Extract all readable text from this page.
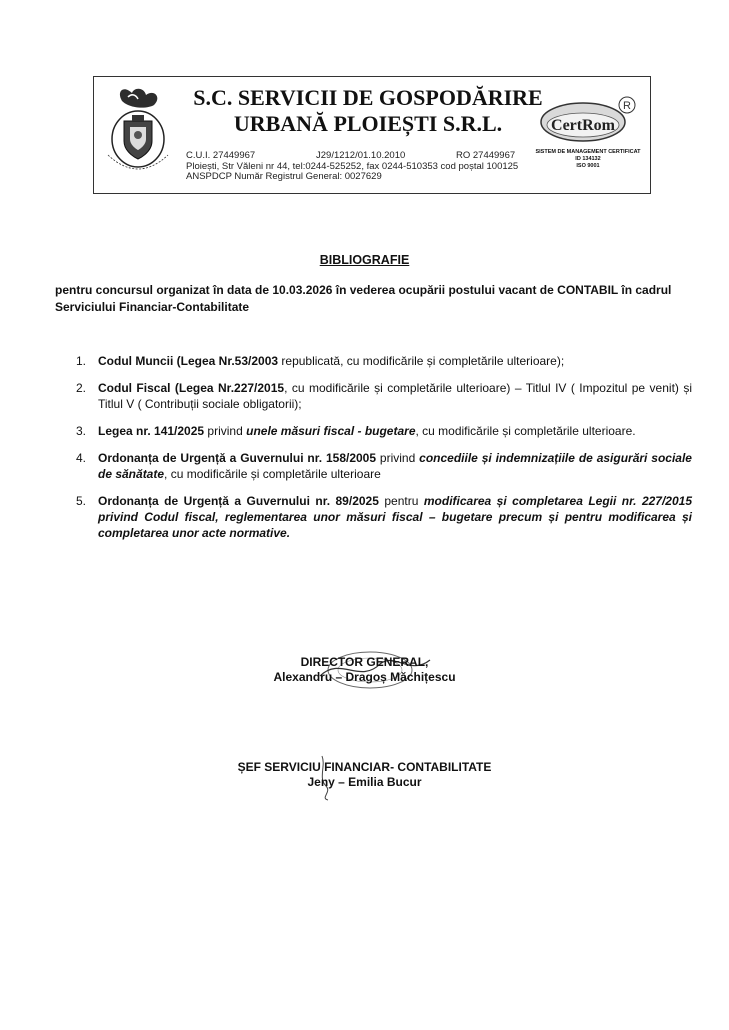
S.C. SERVICII DE GOSPODĂRIRE
URBANĂ PLOIEȘTI S.R.L.	CertRom
R
SISTEM DE MANAGEMENT CERTIFICAT
ID 134132
ISO 9001
C.U.I. 27449967	J29/1212/01.10.2010	RO 27449967
Ploiești, Str Văleni nr 44, tel:0244-525252, fax 0244-510353 cod poștal 100125
ANSPDCP Număr Registrul General: 0027629
BIBLIOGRAFIE
pentru concursul organizat în data de 10.03.2026 în vederea ocupării postului vacant de CONTABIL în cadrul Serviciului Financiar-Contabilitate
1. Codul Muncii (Legea Nr.53/2003 republicată, cu modificările și completările ulterioare);
2. Codul Fiscal (Legea Nr.227/2015, cu modificările și completările ulterioare) – Titlul IV ( Impozitul pe venit) și Titlul V ( Contribuții sociale obligatorii);
3. Legea nr. 141/2025 privind unele măsuri fiscal - bugetare, cu modificările și completările ulterioare.
4. Ordonanța de Urgență a Guvernului nr. 158/2005 privind concediile și indemnizațiile de asigurări sociale de sănătate, cu modificările și completările ulterioare
5. Ordonanța de Urgență a Guvernului nr. 89/2025 pentru modificarea și completarea Legii nr. 227/2015 privind Codul fiscal, reglementarea unor măsuri fiscal – bugetare precum și pentru modificarea și completarea unor acte normative.
DIRECTOR GENERAL,
Alexandru – Dragoș Măchițescu
ȘEF SERVICIU FINANCIAR- CONTABILITATE
Jeny – Emilia Bucur
